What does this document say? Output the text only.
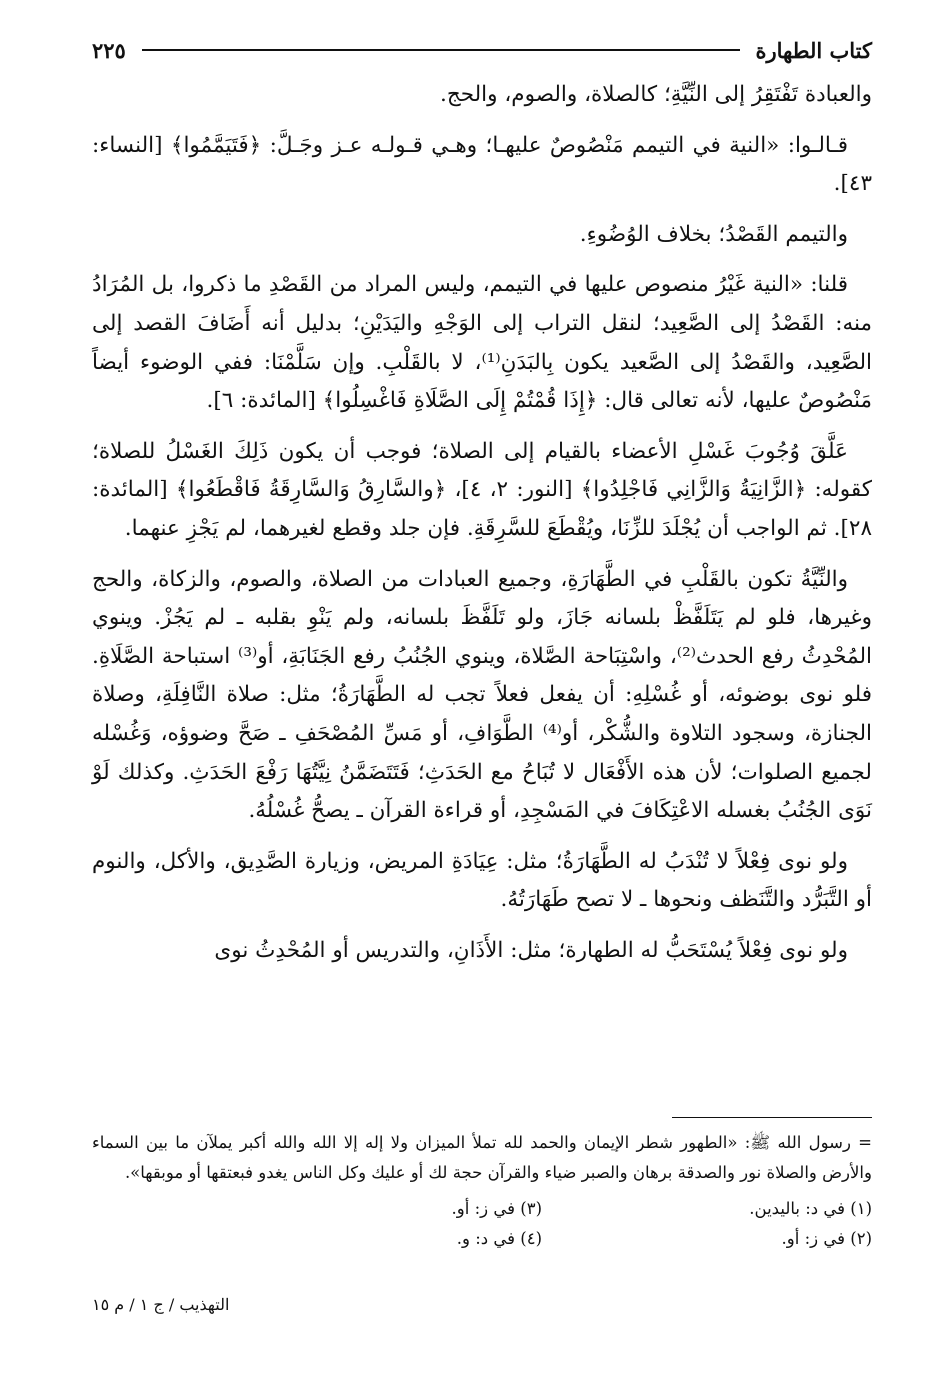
كتاب الطهارة
٢٢٥

والعبادة تَفْتَقِرُ إلى النِّيَّةِ؛ كالصلاة، والصوم، والحج.

قـالـوا: «النية في التيمم مَنْصُوصٌ عليهـا؛ وهـي قـولـه عـز وجَـلَّ: ﴿فَتَيَمَّمُوا﴾ [النساء: ٤٣].

والتيمم القَصْدُ؛ بخلاف الوُضُوءِ.

قلنا: «النية غَيْرُ منصوص عليها في التيمم، وليس المراد من القَصْدِ ما ذكروا، بل المُرَادُ منه: القَصْدُ إلى الصَّعِيد؛ لنقل التراب إلى الوَجْهِ واليَدَيْنِ؛ بدليل أنه أَضَافَ القصد إلى الصَّعِيد، والقَصْدُ إلى الصَّعيد يكون بِالبَدَنِ⁽¹⁾، لا بالقَلْبِ. وإن سَلَّمْنَا: ففي الوضوء أيضاً مَنْصُوصٌ عليها، لأنه تعالى قال: ﴿إِذَا قُمْتُمْ إِلَى الصَّلَاةِ فَاغْسِلُوا﴾ [المائدة: ٦].

عَلَّقَ وُجُوبَ غَسْلِ الأعضاء بالقيام إلى الصلاة؛ فوجب أن يكون ذَلِكَ الغَسْلُ للصلاة؛ كقوله: ﴿الزَّانِيَةُ وَالزَّانِي فَاجْلِدُوا﴾ [النور: ٢، ٤]، ﴿والسَّارِقُ وَالسَّارِقَةُ فَاقْطَعُوا﴾ [المائدة: ٢٨]. ثم الواجب أن يُجْلَدَ للزِّنَا، ويُقْطَعَ للسَّرِقَةِ. فإن جلد وقطع لغيرهما، لم يَجْزِ عنهما.

والنِّيَّةُ تكون بالقَلْبِ في الطَّهَارَةِ، وجميع العبادات من الصلاة، والصوم، والزكاة، والحج وغيرها، فلو لم يَتَلَفَّظْ بلسانه جَازَ، ولو تَلَفَّظَ بلسانه، ولم يَنْوِ بقلبه ـ لم يَجُزْ. وينوي المُحْدِثُ رفع الحدث⁽²⁾، واسْتِبَاحة الصَّلاة، وينوي الجُنُبُ رفع الجَنَابَةِ، أو⁽³⁾ استباحة الصَّلَاةِ. فلو نوى بوضوئه، أو غُسْلِهِ: أن يفعل فعلاً تجب له الطَّهَارَةُ؛ مثل: صلاة النَّافِلَةِ، وصلاة الجنازة، وسجود التلاوة والشُّكْر، أو⁽⁴⁾ الطَّوَافِ، أو مَسِّ المُصْحَفِ ـ صَحَّ وضوؤه، وَغُسْله لجميع الصلوات؛ لأن هذه الأَفْعَال لا تُبَاحُ مع الحَدَثِ؛ فَتَتَضَمَّنُ نِيَّتُهَا رَفْعَ الحَدَثِ. وكذلك لَوْ نَوَى الجُنُبُ بغسله الاعْتِكَافَ في المَسْجِدِ، أو قراءة القرآن ـ يصحُّ غُسْلُهُ.

ولو نوى فِعْلاً لا تُنْدَبُ له الطَّهَارَةُ؛ مثل: عِيَادَةِ المريض، وزيارة الصَّدِيق، والأكل، والنوم أو التَّبَرُّد والتَّنَظف ونحوها ـ لا تصح طَهَارَتُهُ.

ولو نوى فِعْلاً يُسْتَحَبُّ له الطهارة؛ مثل: الأَذَانِ، والتدريس أو المُحْدِثُ نوى

= رسول الله ﷺ: «الطهور شطر الإيمان والحمد لله تملأ الميزان ولا إله إلا الله والله أكبر يملآن ما بين السماء والأرض والصلاة نور والصدقة برهان والصبر ضياء والقرآن حجة لك أو عليك وكل الناس يغدو فبعتقها أو موبقها».

(١) في د: باليدين.
(٣) في ز: أو.
(٢) في ز: أو.
(٤) في د: و.
التهذيب / ج ١ / م ١٥
